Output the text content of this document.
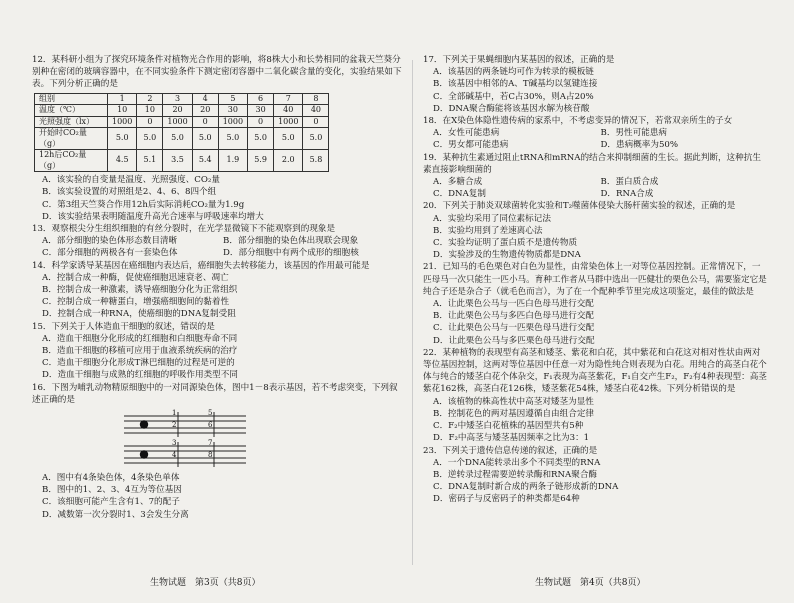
12．某科研小组为了探究环境条件对植物光合作用的影响，将8株大小和长势相同的盆栽天竺葵分别种在密闭的玻璃容器中，在不同实验条件下测定密闭容器中二氧化碳含量的变化，实验结果如下表。下列分析正确的是
组别	1	2	3	4	5	6	7	8
温度（℃）	10	10	20	20	30	30	40	40
光照强度（lx）	1000	0	1000	0	1000	0	1000	0
开始时CO₂量（g）	5.0	5.0	5.0	5.0	5.0	5.0	5.0	5.0
12h后CO₂量（g）	4.5	5.1	3.5	5.4	1.9	5.9	2.0	5.8
A．该实验的自变量是温度、光照强度、CO₂量
B．该实验设置的对照组是2、4、6、8四个组
C．第3组天竺葵合作用12h后实际消耗CO₂量为1.9g
D．该实验结果表明随温度升高光合速率与呼吸速率均增大
13．观察根尖分生组织细胞的有丝分裂时，在光学显微镜下不能观察到的现象是
A．部分细胞的染色体形态数目清晰	B．部分细胞的染色体出现联会现象
C．部分细胞的两极各有一套染色体	D．部分细胞中有两个成形的细胞核
14．科学家诱导某基因在癌细胞内表达后，癌细胞失去转移能力，该基因的作用最可能是
A．控制合成一种酶，促使癌细胞迅速衰老、凋亡
B．控制合成一种激素，诱导癌细胞分化为正常组织
C．控制合成一种糖蛋白，增强癌细胞间的黏着性
D．控制合成一种RNA，使癌细胞的DNA复制受阻
15．下列关于人体造血干细胞的叙述，错误的是
A．造血干细胞分化形成的红细胞和白细胞寿命不同
B．造血干细胞的移植可应用于血液系统疾病的治疗
C．造血干细胞分化形成T淋巴细胞的过程是可逆的
D．造血干细胞与成熟的红细胞的呼吸作用类型不同
16．下图为哺乳动物精原细胞中的一对同源染色体，图中1－8表示基因，若不考虑突变，下列叙述正确的是
1	5
2	6
3	7
4	8
A．图中有4条染色体，4条染色单体
B．图中的1、2、3、4互为等位基因
C．该细胞可能产生含有1、7的配子
D．减数第一次分裂时1、3会发生分离
17．下列关于果蝇细胞内某基因的叙述，正确的是
A．该基因的两条链均可作为转录的模板链
B．该基因中相邻的A、T碱基均以氢键连接
C．全部碱基中，若C占30%，则A占20%
D．DNA聚合酶能将该基因水解为核苷酸
18．在X染色体隐性遗传病的家系中，不考虑变异的情况下，若常双亲所生的子女
A．女性可能患病	B．男性可能患病
C．男女都可能患病	D．患病概率为50%
19．某种抗生素通过阻止tRNA和mRNA的结合来抑制细菌的生长。据此判断，这种抗生素直接影响细菌的
A．多糖合成	B．蛋白质合成
C．DNA复制	D．RNA合成
20．下列关于肺炎双球菌转化实验和T₂噬菌体侵染大肠杆菌实验的叙述，正确的是
A．实验均采用了同位素标记法
B．实验均用到了差速离心法
C．实验均证明了蛋白质不是遗传物质
D．实验涉及的生物遗传物质都是DNA
21．已知马的毛色栗色对白色为显性，由常染色体上一对等位基因控制。正常情况下，一匹母马一次只能生一匹小马。育种工作者从马群中选出一匹健壮的栗色公马，需要鉴定它是纯合子还是杂合子（就毛色而言），为了在一个配种季节里完成这项鉴定，最佳的做法是
A．让此栗色公马与一匹白色母马进行交配
B．让此栗色公马与多匹白色母马进行交配
C．让此栗色公马与一匹栗色母马进行交配
D．让此栗色公马与多匹栗色母马进行交配
22．某种植物的表现型有高茎和矮茎、紫花和白花，其中紫花和白花这对相对性状由两对等位基因控制，这两对等位基因中任意一对为隐性纯合则表现为白花。用纯合的高茎白花个体与纯合的矮茎白花个体杂交，F₁表现为高茎紫花，F₁自交产生F₂，F₂有4种表现型：高茎紫花162株，高茎白花126株，矮茎紫花54株，矮茎白花42株。下列分析错误的是
A．该植物的株高性状中高茎对矮茎为显性
B．控制花色的两对基因遵循自由组合定律
C．F₂中矮茎白花植株的基因型共有5种
D．F₂中高茎与矮茎基因频率之比为3：1
23．下列关于遗传信息传递的叙述，正确的是
A．一个DNA能转录出多个不同类型的RNA
B．逆转录过程需要逆转录酶和RNA聚合酶
C．DNA复制时新合成的两条子链形成新的DNA
D．密码子与反密码子的种类都是64种
生物试题　第3页（共8页）	生物试题　第4页（共8页）
